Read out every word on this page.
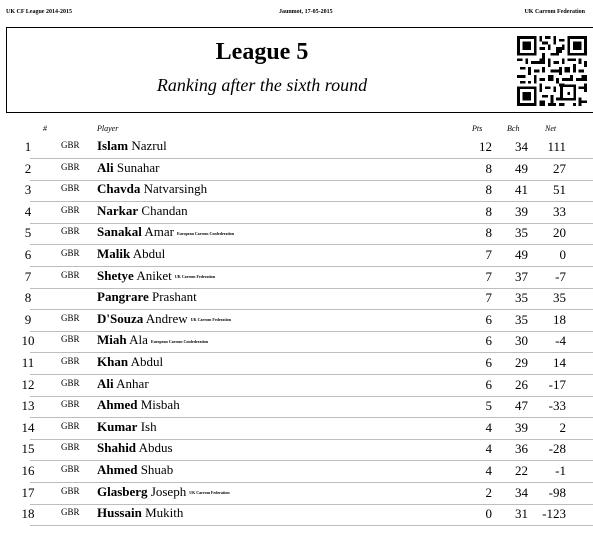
UK CF League 2014-2015	Jaunmot, 17-05-2015	UK Carrom Federation
League 5
Ranking after the sixth round
#	Player	Pts	Bch	Net
1	GBR Islam Nazrul	12	34	111
2	GBR Ali Sunahar	8	49	27
3	GBR Chavda Natvarsingh	8	41	51
4	GBR Narkar Chandan	8	39	33
5	GBR Sanakal Amar European Carrom Confederation	8	35	20
6	GBR Malik Abdul	7	49	0
7	GBR Shetye Aniket UK Carrom Federation	7	37	-7
8	Pangrare Prashant	7	35	35
9	GBR D'Souza Andrew UK Carrom Federation	6	35	18
10	GBR Miah Ala European Carrom Confederation	6	30	-4
11	GBR Khan Abdul	6	29	14
12	GBR Ali Anhar	6	26	-17
13	GBR Ahmed Misbah	5	47	-33
14	GBR Kumar Ish	4	39	2
15	GBR Shahid Abdus	4	36	-28
16	GBR Ahmed Shuab	4	22	-1
17	GBR Glasberg Joseph UK Carrom Federation	2	34	-98
18	GBR Hussain Mukith	0	31	-123
